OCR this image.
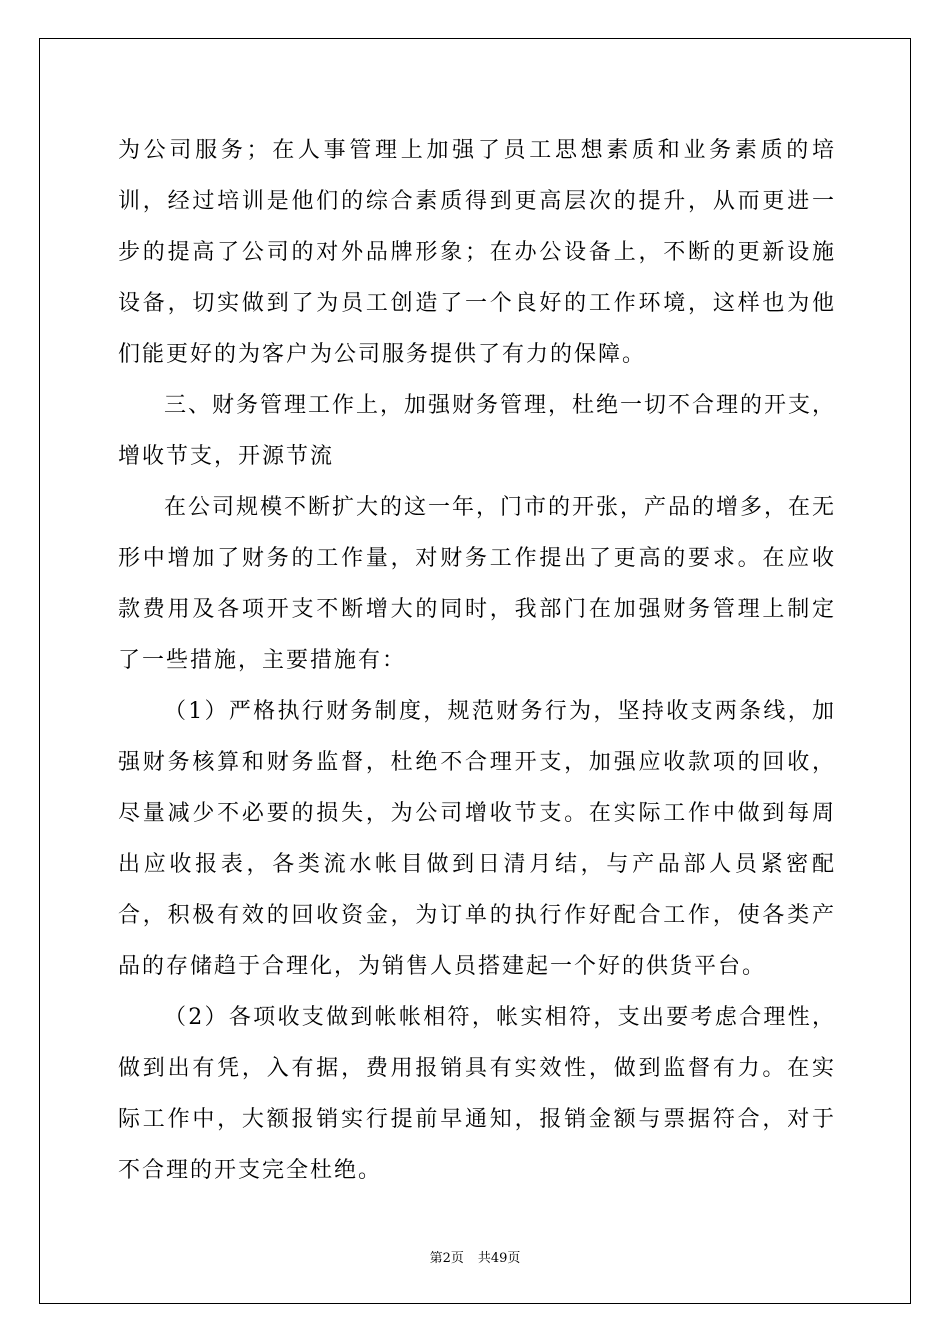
为公司服务；在人事管理上加强了员工思想素质和业务素质的培训，经过培训是他们的综合素质得到更高层次的提升，从而更进一步的提高了公司的对外品牌形象；在办公设备上，不断的更新设施设备，切实做到了为员工创造了一个良好的工作环境，这样也为他们能更好的为客户为公司服务提供了有力的保障。

三、财务管理工作上，加强财务管理，杜绝一切不合理的开支，增收节支，开源节流

在公司规模不断扩大的这一年，门市的开张，产品的增多，在无形中增加了财务的工作量，对财务工作提出了更高的要求。在应收款费用及各项开支不断增大的同时，我部门在加强财务管理上制定了一些措施，主要措施有：

（1）严格执行财务制度，规范财务行为，坚持收支两条线，加强财务核算和财务监督，杜绝不合理开支，加强应收款项的回收，尽量减少不必要的损失，为公司增收节支。在实际工作中做到每周出应收报表，各类流水帐目做到日清月结，与产品部人员紧密配合，积极有效的回收资金，为订单的执行作好配合工作，使各类产品的存储趋于合理化，为销售人员搭建起一个好的供货平台。

（2）各项收支做到帐帐相符，帐实相符，支出要考虑合理性，做到出有凭，入有据，费用报销具有实效性，做到监督有力。在实际工作中，大额报销实行提前早通知，报销金额与票据符合，对于不合理的开支完全杜绝。

第2页 共49页
